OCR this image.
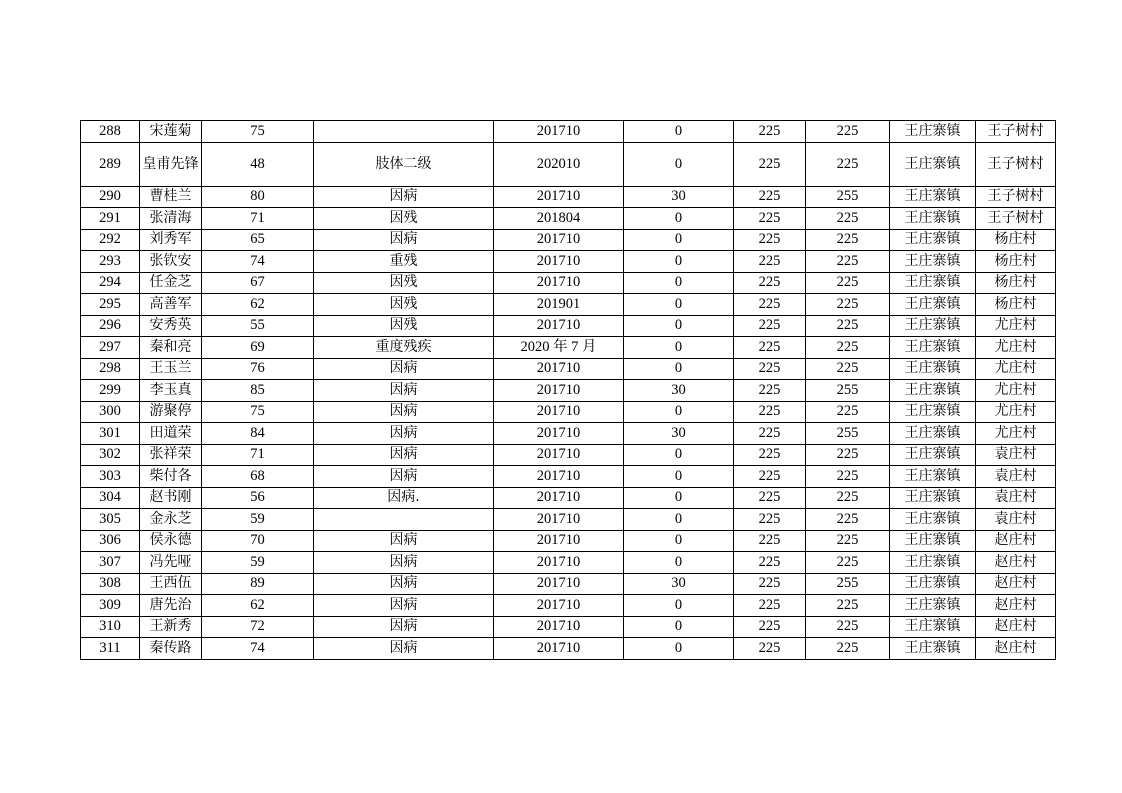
288	宋莲菊	75		201710	0	225	225	王庄寨镇	王子树村
289	皇甫先锋	48	肢体二级	202010	0	225	225	王庄寨镇	王子树村
290	曹桂兰	80	因病	201710	30	225	255	王庄寨镇	王子树村
291	张清海	71	因残	201804	0	225	225	王庄寨镇	王子树村
292	刘秀军	65	因病	201710	0	225	225	王庄寨镇	杨庄村
293	张钦安	74	重残	201710	0	225	225	王庄寨镇	杨庄村
294	任金芝	67	因残	201710	0	225	225	王庄寨镇	杨庄村
295	高善军	62	因残	201901	0	225	225	王庄寨镇	杨庄村
296	安秀英	55	因残	201710	0	225	225	王庄寨镇	尤庄村
297	秦和亮	69	重度残疾	2020 年 7 月	0	225	225	王庄寨镇	尤庄村
298	王玉兰	76	因病	201710	0	225	225	王庄寨镇	尤庄村
299	李玉真	85	因病	201710	30	225	255	王庄寨镇	尤庄村
300	游聚停	75	因病	201710	0	225	225	王庄寨镇	尤庄村
301	田道荣	84	因病	201710	30	225	255	王庄寨镇	尤庄村
302	张祥荣	71	因病	201710	0	225	225	王庄寨镇	袁庄村
303	柴付各	68	因病	201710	0	225	225	王庄寨镇	袁庄村
304	赵书刚	56	因病.	201710	0	225	225	王庄寨镇	袁庄村
305	金永芝	59		201710	0	225	225	王庄寨镇	袁庄村
306	侯永德	70	因病	201710	0	225	225	王庄寨镇	赵庄村
307	冯先哑	59	因病	201710	0	225	225	王庄寨镇	赵庄村
308	王西伍	89	因病	201710	30	225	255	王庄寨镇	赵庄村
309	唐先治	62	因病	201710	0	225	225	王庄寨镇	赵庄村
310	王新秀	72	因病	201710	0	225	225	王庄寨镇	赵庄村
311	秦传路	74	因病	201710	0	225	225	王庄寨镇	赵庄村
